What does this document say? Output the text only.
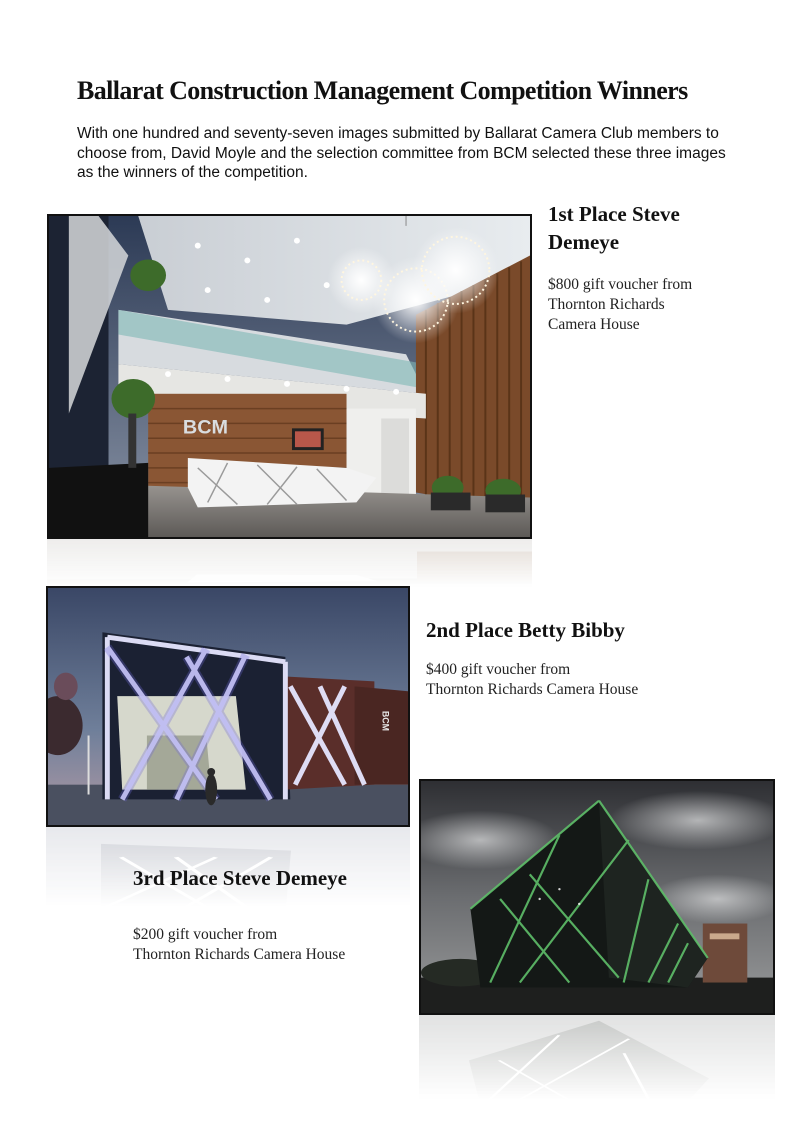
Ballarat Construction Management Competition Winners
With one hundred and seventy-seven images submitted by Ballarat Camera Club members to choose from, David Moyle and the selection committee from BCM selected these three images as the winners of the competition.
BCM
1st Place Steve Demeye
$800 gift voucher from
Thornton Richards
Camera House
BCM
2nd Place Betty Bibby
$400 gift voucher from
Thornton Richards Camera House
3rd Place Steve Demeye
$200 gift voucher from
Thornton Richards Camera House
